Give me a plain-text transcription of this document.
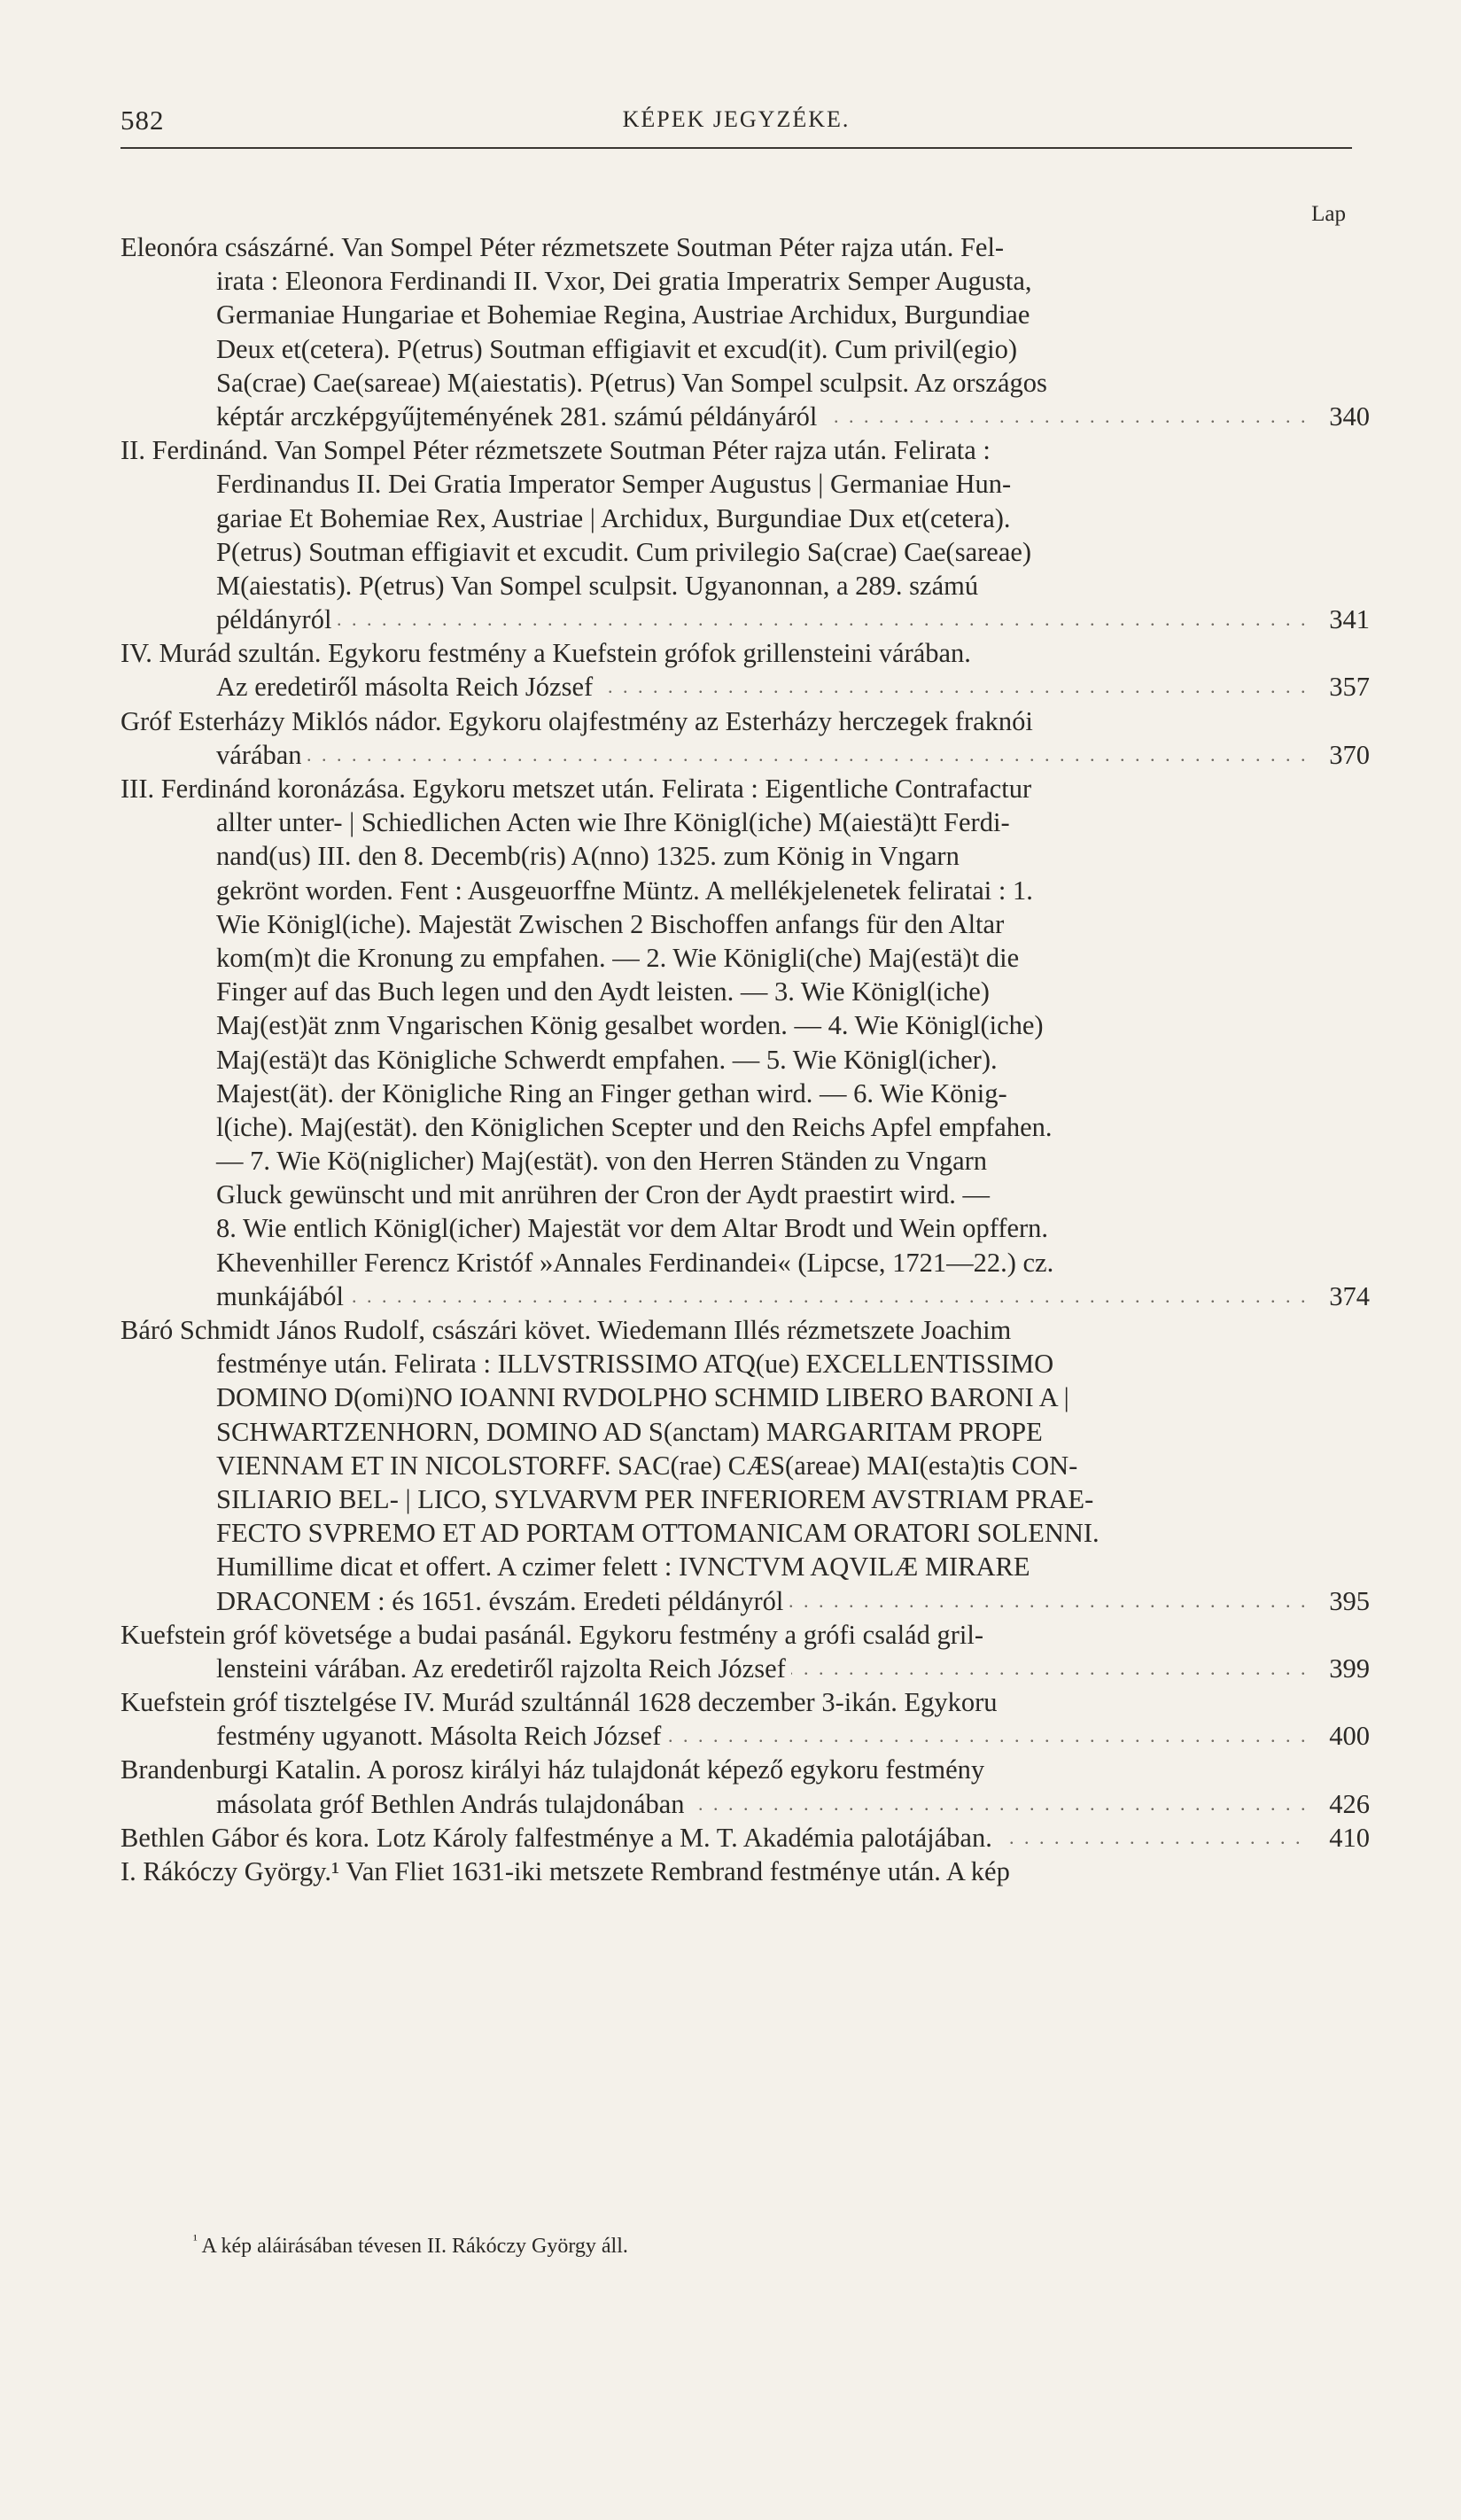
582	KÉPEK JEGYZÉKE.
Lap
Eleonóra császárné. Van Sompel Péter rézmetszete Soutman Péter rajza után. Fel-
irata : Eleonora Ferdinandi II. Vxor, Dei gratia Imperatrix Semper Augusta,
Germaniae Hungariae et Bohemiae Regina, Austriae Archidux, Burgundiae
Deux et(cetera). P(etrus) Soutman effigiavit et excud(it). Cum privil(egio)
Sa(crae) Cae(sareae) M(aiestatis). P(etrus) Van Sompel sculpsit. Az országos
képtár arczképgyűjteményének 281. számú példányáról	340
. . .
II. Ferdinánd. Van Sompel Péter rézmetszete Soutman Péter rajza után. Felirata :
Ferdinandus II. Dei Gratia Imperator Semper Augustus | Germaniae Hun-
gariae Et Bohemiae Rex, Austriae | Archidux, Burgundiae Dux et(cetera).
P(etrus) Soutman effigiavit et excudit. Cum privilegio Sa(crae) Cae(sareae)
M(aiestatis). P(etrus) Van Sompel sculpsit. Ugyanonnan, a 289. számú
példányról	341
. . .
IV. Murád szultán. Egykoru festmény a Kuefstein grófok grillensteini várában.
Az eredetiről másolta Reich József	357
. . .
Gróf Esterházy Miklós nádor. Egykoru olajfestmény az Esterházy herczegek fraknói
várában	370
. . .
III. Ferdinánd koronázása. Egykoru metszet után. Felirata : Eigentliche Contrafactur
allter unter- | Schiedlichen Acten wie Ihre Königl(iche) M(aiestä)tt Ferdi-
nand(us) III. den 8. Decemb(ris) A(nno) 1325. zum König in Vngarn
gekrönt worden. Fent : Ausgeuorffne Müntz. A mellékjelenetek feliratai : 1.
Wie Königl(iche). Majestät Zwischen 2 Bischoffen anfangs für den Altar
kom(m)t die Kronung zu empfahen. — 2. Wie Königli(che) Maj(estä)t die
Finger auf das Buch legen und den Aydt leisten. — 3. Wie Königl(iche)
Maj(est)ät znm Vngarischen König gesalbet worden. — 4. Wie Königl(iche)
Maj(estä)t das Königliche Schwerdt empfahen. — 5. Wie Königl(icher).
Majest(ät). der Königliche Ring an Finger gethan wird. — 6. Wie König-
l(iche). Maj(estät). den Königlichen Scepter und den Reichs Apfel empfahen.
— 7. Wie Kö(niglicher) Maj(estät). von den Herren Ständen zu Vngarn
Gluck gewünscht und mit anrühren der Cron der Aydt praestirt wird. —
8. Wie entlich Königl(icher) Majestät vor dem Altar Brodt und Wein opffern.
Khevenhiller Ferencz Kristóf »Annales Ferdinandei« (Lipcse, 1721—22.) cz.
munkájából	374
. . .
Báró Schmidt János Rudolf, császári követ. Wiedemann Illés rézmetszete Joachim
festménye után. Felirata : ILLVSTRISSIMO ATQ(ue) EXCELLENTISSIMO
DOMINO D(omi)NO IOANNI RVDOLPHO SCHMID LIBERO BARONI A |
SCHWARTZENHORN, DOMINO AD S(anctam) MARGARITAM PROPE
VIENNAM ET IN NICOLSTORFF. SAC(rae) CÆS(areae) MAI(esta)tis CON-
SILIARIO BEL- | LICO, SYLVARVM PER INFERIOREM AVSTRIAM PRAE-
FECTO SVPREMO ET AD PORTAM OTTOMANICAM ORATORI SOLENNI.
Humillime dicat et offert. A czimer felett : IVNCTVM AQVILÆ MIRARE
DRACONEM : és 1651. évszám. Eredeti példányról	395
. . .
Kuefstein gróf követsége a budai pasánál. Egykoru festmény a grófi család gril-
lensteini várában. Az eredetiről rajzolta Reich József	399
. . .
Kuefstein gróf tisztelgése IV. Murád szultánnál 1628 deczember 3-ikán. Egykoru
festmény ugyanott. Másolta Reich József	400
. . .
Brandenburgi Katalin. A porosz királyi ház tulajdonát képező egykoru festmény
másolata gróf Bethlen András tulajdonában	426
. . .
Bethlen Gábor és kora. Lotz Károly falfestménye a M. T. Akadémia palotájában.	410
. . .
I. Rákóczy György.¹ Van Fliet 1631-iki metszete Rembrand festménye után. A kép
$^{^1}$ A kép aláirásában tévesen II. Rákóczy György áll.
